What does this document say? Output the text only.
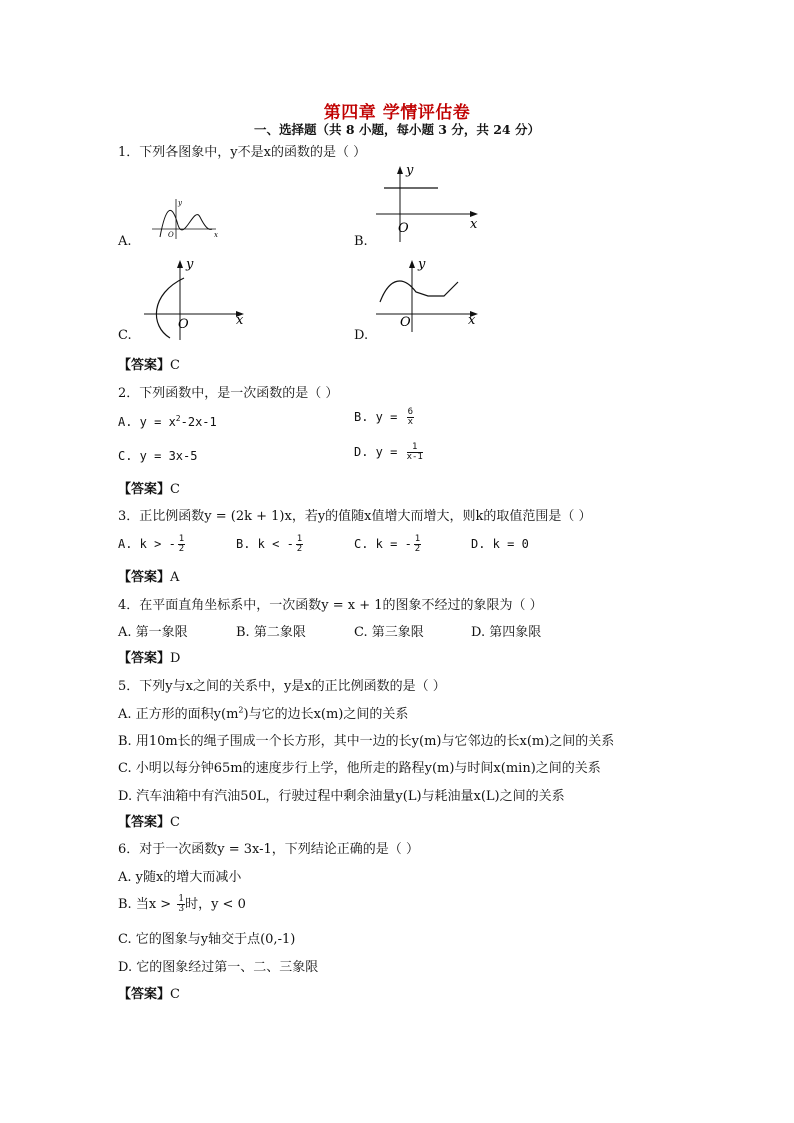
第四章 学情评估卷
一、选择题（共 8 小题，每小题 3 分，共 24 分）
1．下列各图象中，y不是x的函数的是（ ）
A.
y
x
O	B.
y
x
O
C.
y
x
O
D.
y
x
O
【答案】C
2．下列函数中，是一次函数的是（ ）
A. $y = x^2-2x-1$	B. $y = \frac{6}{x}$
C. y = 3x-5	D. $y = \frac{1}{x-1}$
【答案】C
3．正比例函数y = (2k + 1)x，若y的值随x值增大而增大，则k的取值范围是（ ）
A. k > - $\frac{1}{2}$	B. k < - $\frac{1}{2}$	C. k = - $\frac{1}{2}$	D. k = 0
【答案】A
4．在平面直角坐标系中，一次函数y = x + 1的图象不经过的象限为（ ）
A. 第一象限	B. 第二象限	C. 第三象限	D. 第四象限
【答案】D
5．下列y与x之间的关系中，y是x的正比例函数的是（ ）
A. 正方形的面积$y(m^2)$与它的边长x(m)之间的关系
B. 用10m长的绳子围成一个长方形，其中一边的长y(m)与它邻边的长x(m)之间的关系
C. 小明以每分钟65m的速度步行上学，他所走的路程y(m)与时间x(min)之间的关系
D. 汽车油箱中有汽油50L，行驶过程中剩余油量y(L)与耗油量x(L)之间的关系
【答案】C
6．对于一次函数y = 3x-1，下列结论正确的是（ ）
A. y随x的增大而减小
B. 当$x > \frac{1}{3}$ 时，y < 0
C. 它的图象与y轴交于点(0,-1)
D. 它的图象经过第一、二、三象限
【答案】C
